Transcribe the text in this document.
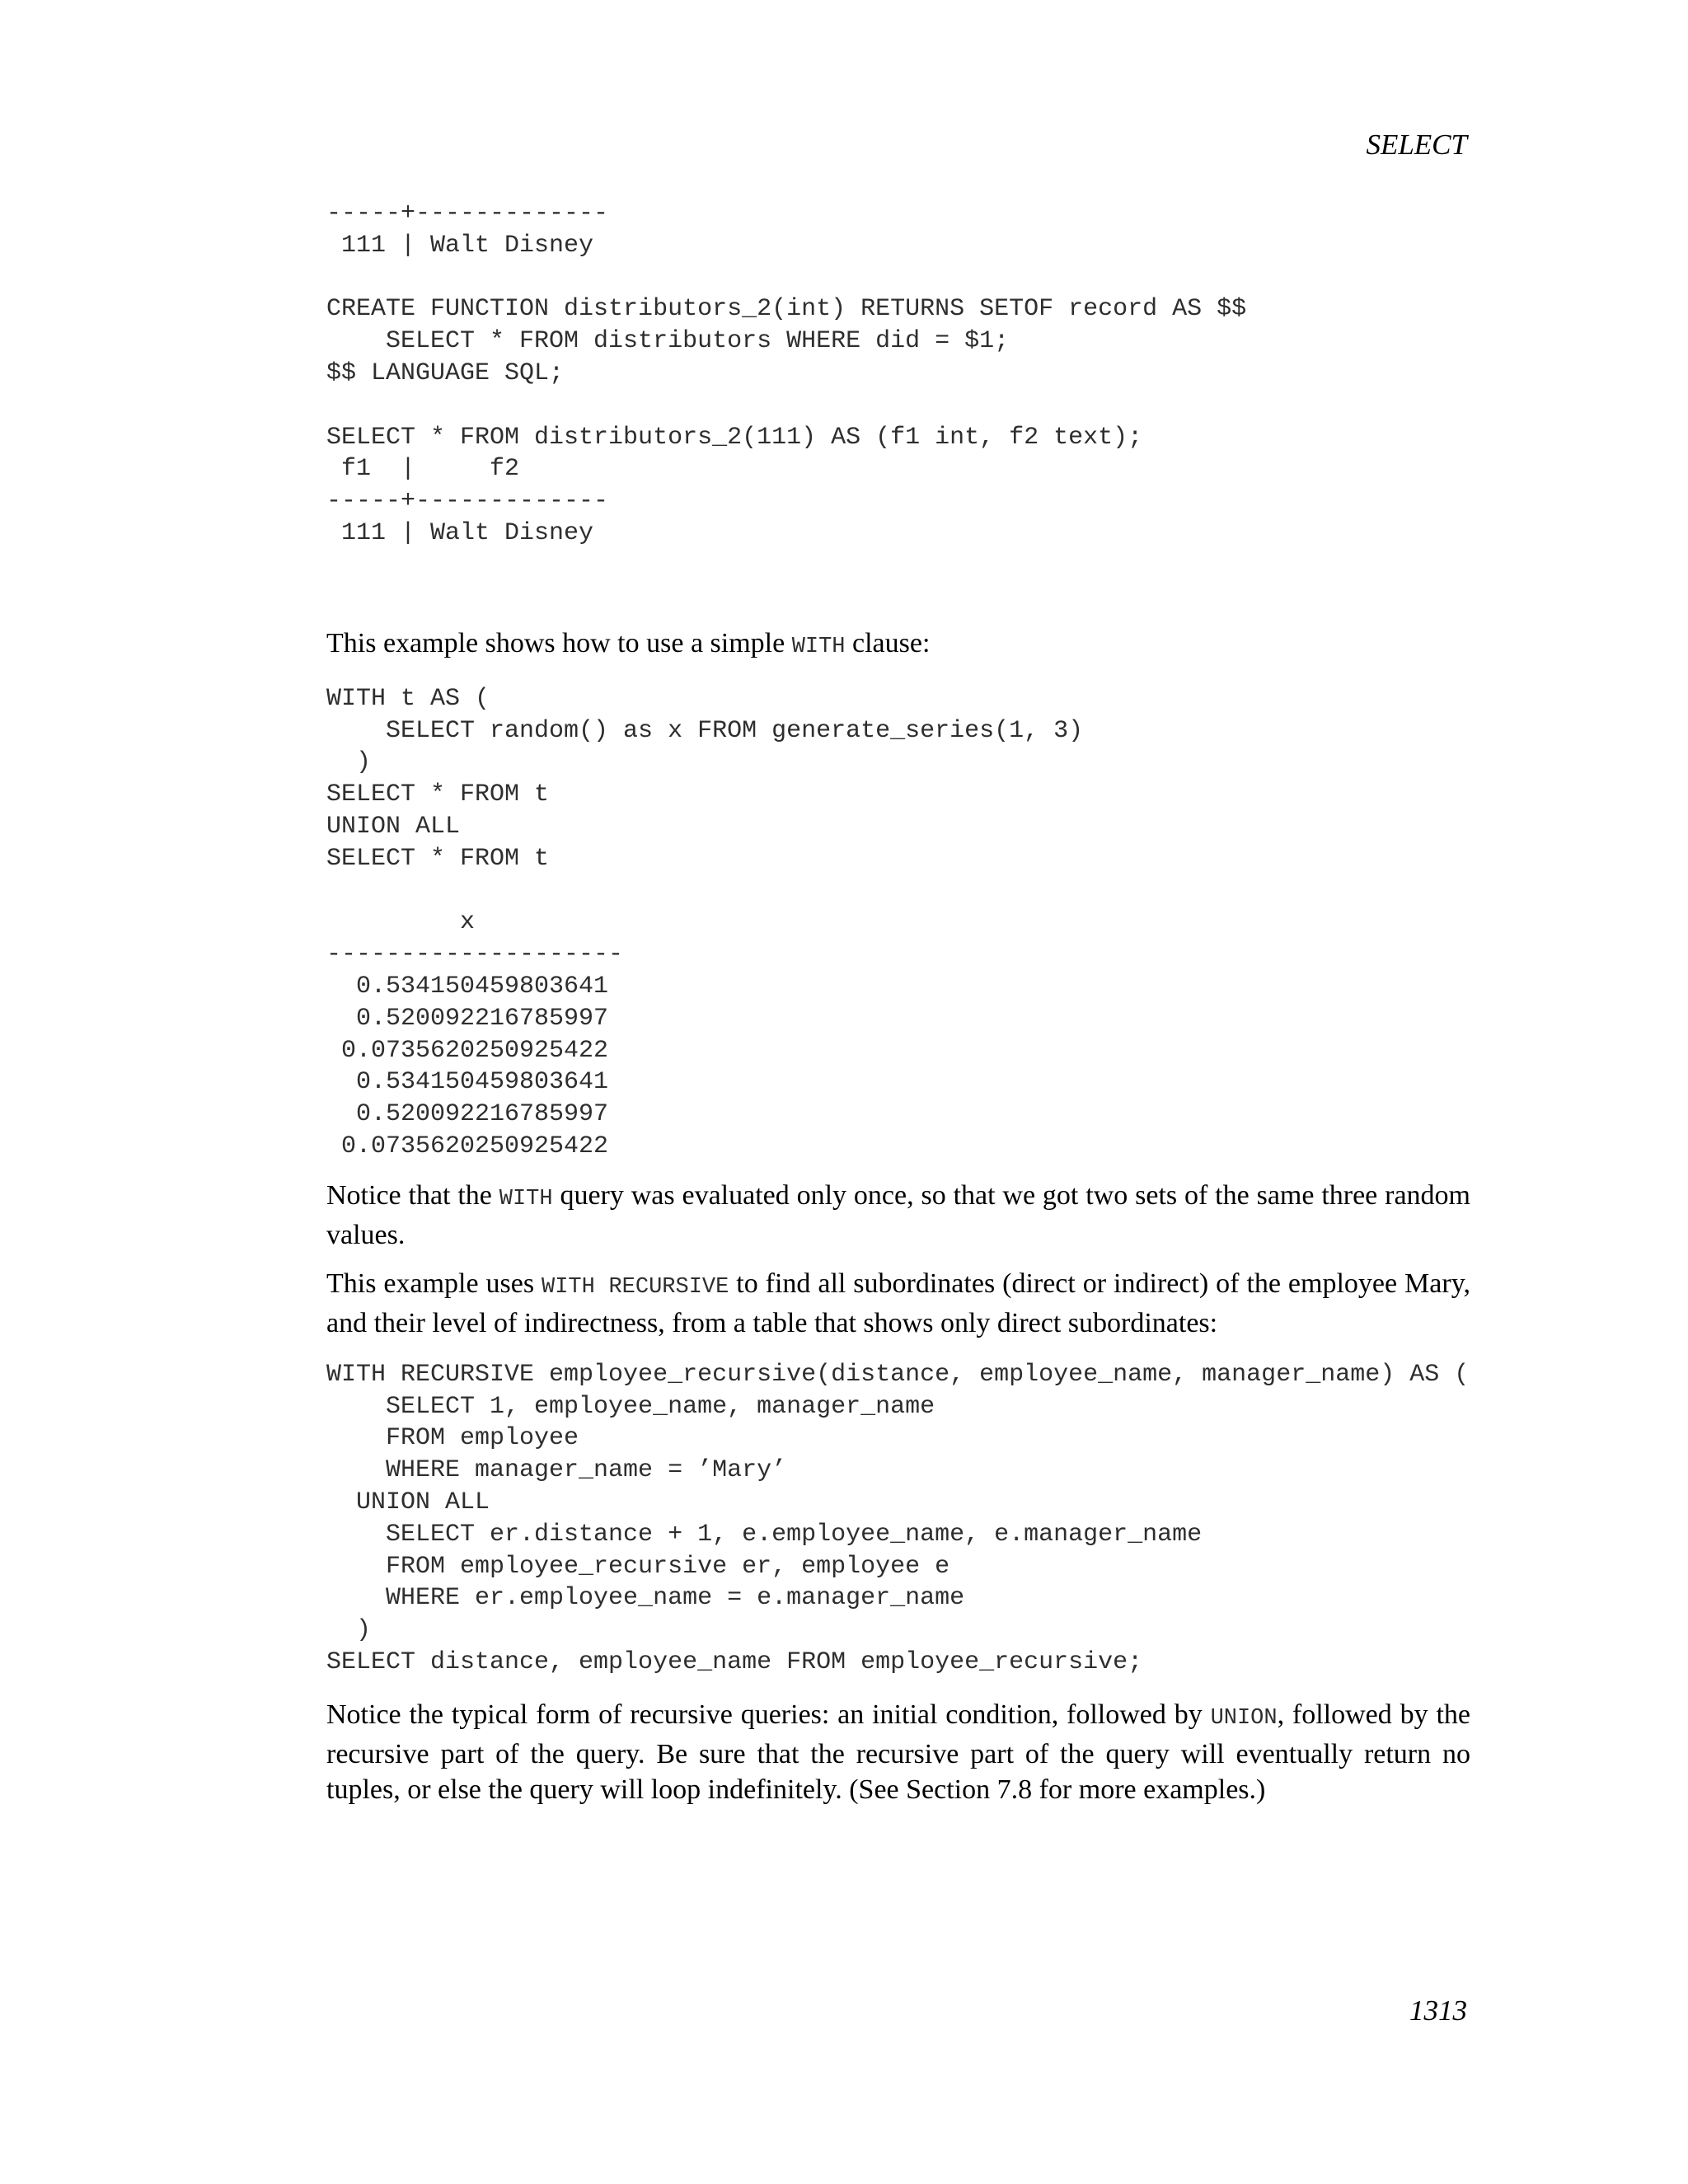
SELECT
-----+-------------
111 | Walt Disney

CREATE FUNCTION distributors_2(int) RETURNS SETOF record AS $$
SELECT * FROM distributors WHERE did = $1;
$$ LANGUAGE SQL;

SELECT * FROM distributors_2(111) AS (f1 int, f2 text);
f1  |     f2
-----+-------------
111 | Walt Disney

This example shows how to use a simple WITH clause:

WITH t AS (
SELECT random() as x FROM generate_series(1, 3)
)
SELECT * FROM t
UNION ALL
SELECT * FROM t

x
--------------------
0.534150459803641
0.520092216785997
0.0735620250925422
0.534150459803641
0.520092216785997
0.0735620250925422

Notice that the WITH query was evaluated only once, so that we got two sets of the same three random values.

This example uses WITH RECURSIVE to find all subordinates (direct or indirect) of the employee Mary, and their level of indirectness, from a table that shows only direct subordinates:

WITH RECURSIVE employee_recursive(distance, employee_name, manager_name) AS (
SELECT 1, employee_name, manager_name
FROM employee
WHERE manager_name = ’Mary’
UNION ALL
SELECT er.distance + 1, e.employee_name, e.manager_name
FROM employee_recursive er, employee e
WHERE er.employee_name = e.manager_name
)
SELECT distance, employee_name FROM employee_recursive;

Notice the typical form of recursive queries: an initial condition, followed by UNION, followed by the recursive part of the query. Be sure that the recursive part of the query will eventually return no tuples, or else the query will loop indefinitely. (See Section 7.8 for more examples.)

1313
